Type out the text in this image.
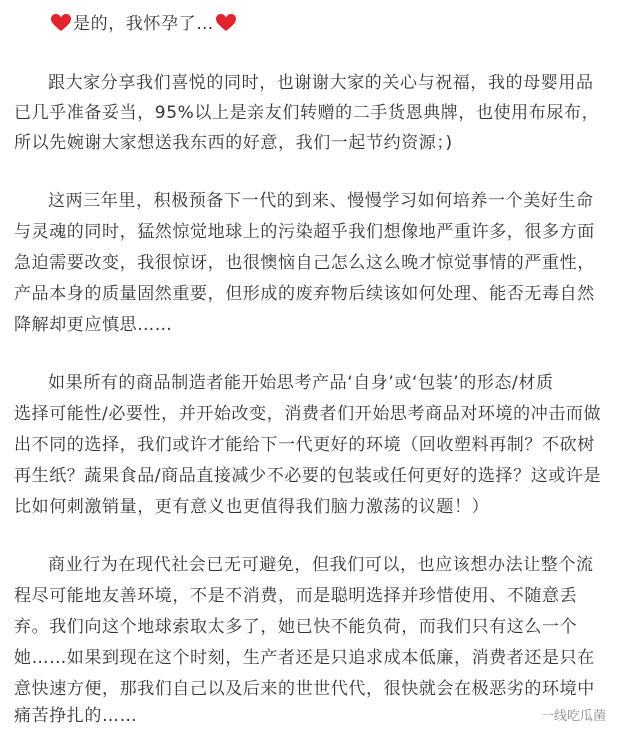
是的，我怀孕了…
跟大家分享我们喜悦的同时，也谢谢大家的关心与祝福，我的母婴用品
已几乎准备妥当，95%以上是亲友们转赠的二手货恩典牌，也使用布尿布，
所以先婉谢大家想送我东西的好意，我们一起节约资源；)
这两三年里，积极预备下一代的到来、慢慢学习如何培养一个美好生命
与灵魂的同时，猛然惊觉地球上的污染超乎我们想像地严重许多，很多方面
急迫需要改变，我很惊讶，也很懊恼自己怎么这么晚才惊觉事情的严重性，
产品本身的质量固然重要，但形成的废弃物后续该如何处理、能否无毒自然
降解却更应慎思……
如果所有的商品制造者能开始思考产品‘自身’或‘包装’的形态/材质
选择可能性/必要性，并开始改变，消费者们开始思考商品对环境的冲击而做
出不同的选择，我们或许才能给下一代更好的环境（回收塑料再制？不砍树
再生纸？蔬果食品/商品直接减少不必要的包装或任何更好的选择？这或许是
比如何刺激销量，更有意义也更值得我们脑力激荡的议题！）
商业行为在现代社会已无可避免，但我们可以，也应该想办法让整个流
程尽可能地友善环境，不是不消费，而是聪明选择并珍惜使用、不随意丢
弃。我们向这个地球索取太多了，她已快不能负荷，而我们只有这么一个
她……如果到现在这个时刻，生产者还是只追求成本低廉，消费者还是只在
意快速方便，那我们自己以及后来的世世代代，很快就会在极恶劣的环境中
痛苦挣扎的……	一线吃瓜菌
